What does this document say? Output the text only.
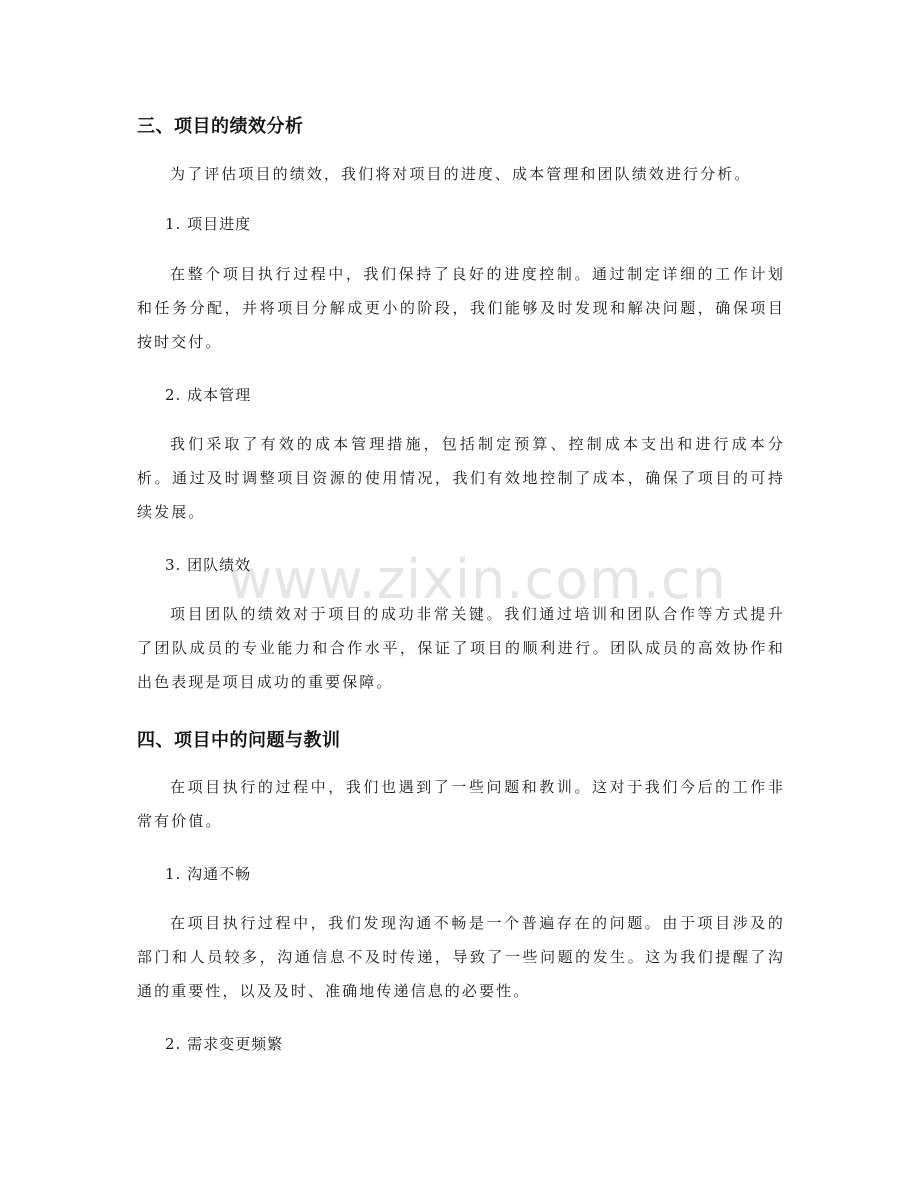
www.zixin.com.cn
三、项目的绩效分析
为了评估项目的绩效，我们将对项目的进度、成本管理和团队绩效进行分析。
1. 项目进度
在整个项目执行过程中，我们保持了良好的进度控制。通过制定详细的工作计划和任务分配，并将项目分解成更小的阶段，我们能够及时发现和解决问题，确保项目按时交付。
2. 成本管理
我们采取了有效的成本管理措施，包括制定预算、控制成本支出和进行成本分析。通过及时调整项目资源的使用情况，我们有效地控制了成本，确保了项目的可持续发展。
3. 团队绩效
项目团队的绩效对于项目的成功非常关键。我们通过培训和团队合作等方式提升了团队成员的专业能力和合作水平，保证了项目的顺利进行。团队成员的高效协作和出色表现是项目成功的重要保障。
四、项目中的问题与教训
在项目执行的过程中，我们也遇到了一些问题和教训。这对于我们今后的工作非常有价值。
1. 沟通不畅
在项目执行过程中，我们发现沟通不畅是一个普遍存在的问题。由于项目涉及的部门和人员较多，沟通信息不及时传递，导致了一些问题的发生。这为我们提醒了沟通的重要性，以及及时、准确地传递信息的必要性。
2. 需求变更频繁
